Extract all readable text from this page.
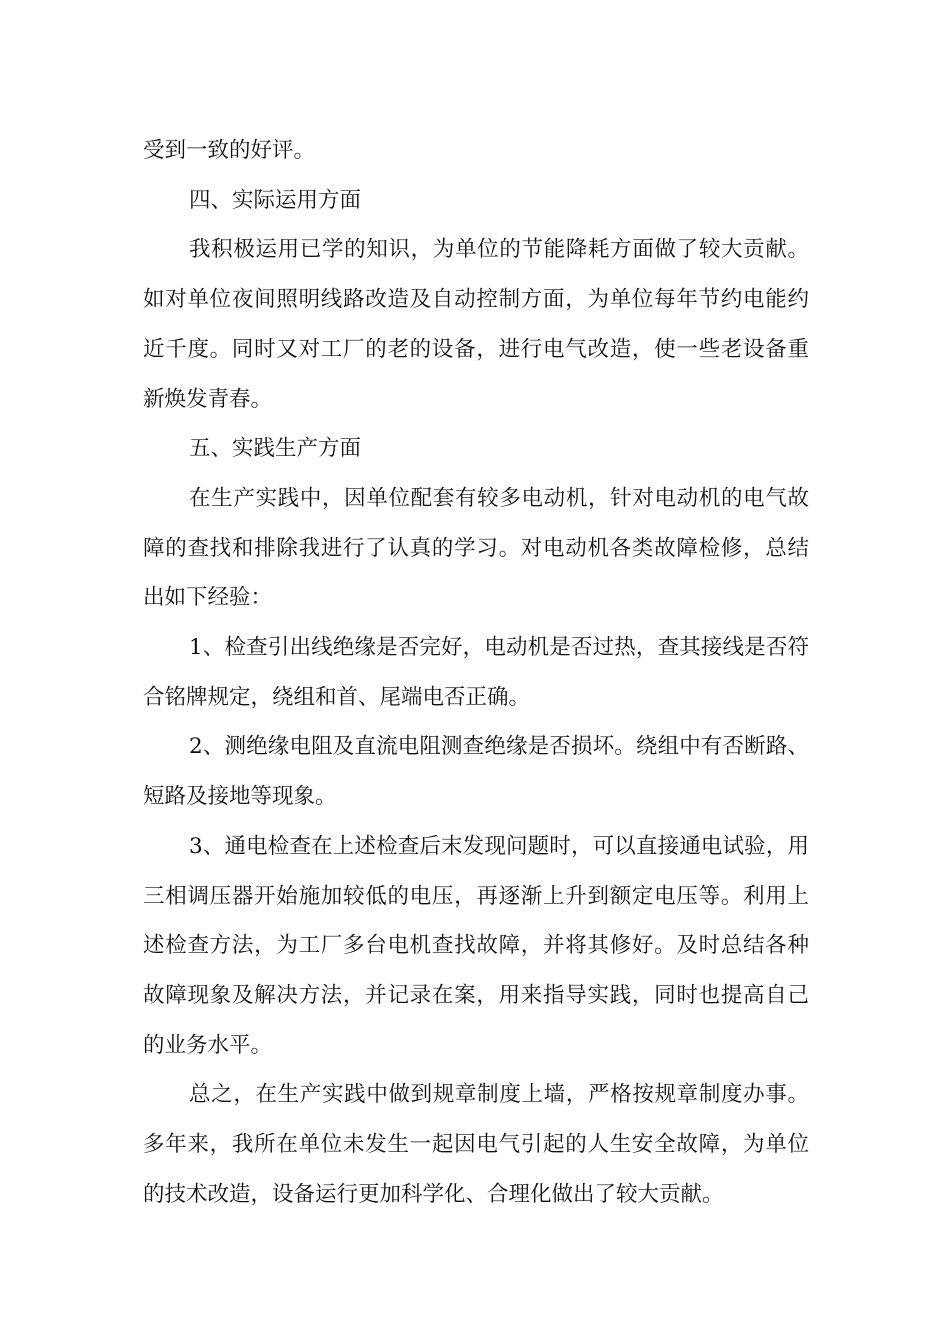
受到一致的好评。

四、实际运用方面

我积极运用已学的知识，为单位的节能降耗方面做了较大贡献。如对单位夜间照明线路改造及自动控制方面，为单位每年节约电能约近千度。同时又对工厂的老的设备，进行电气改造，使一些老设备重新焕发青春。

五、实践生产方面

在生产实践中，因单位配套有较多电动机，针对电动机的电气故障的查找和排除我进行了认真的学习。对电动机各类故障检修，总结出如下经验：

1、检查引出线绝缘是否完好，电动机是否过热，查其接线是否符合铭牌规定，绕组和首、尾端电否正确。

2、测绝缘电阻及直流电阻测查绝缘是否损坏。绕组中有否断路、短路及接地等现象。

3、通电检查在上述检查后末发现问题时，可以直接通电试验，用三相调压器开始施加较低的电压，再逐渐上升到额定电压等。利用上述检查方法，为工厂多台电机查找故障，并将其修好。及时总结各种故障现象及解决方法，并记录在案，用来指导实践，同时也提高自己的业务水平。

总之，在生产实践中做到规章制度上墙，严格按规章制度办事。多年来，我所在单位未发生一起因电气引起的人生安全故障，为单位的技术改造，设备运行更加科学化、合理化做出了较大贡献。
